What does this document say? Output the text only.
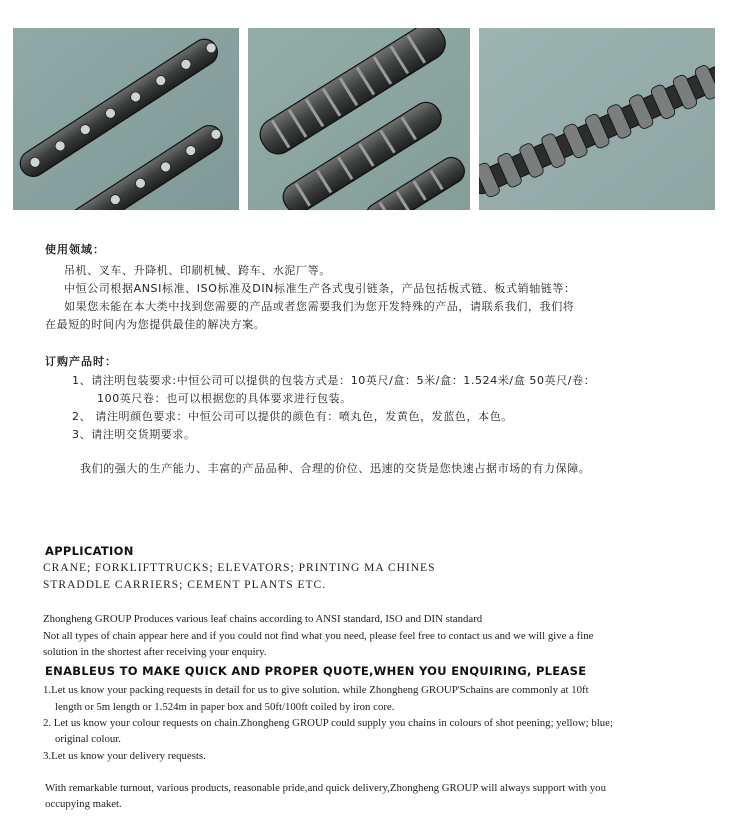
使用领域：
吊机、叉车、升降机、印刷机械、跨车、水泥厂等。
中恒公司根据ANSI标准、ISO标准及DIN标准生产各式曳引链条，产品包括板式链、板式销轴链等：
如果您未能在本大类中找到您需要的产品或者您需要我们为您开发特殊的产品，请联系我们，我们将
在最短的时间内为您提供最佳的解决方案。
订购产品时：
1、请注明包装要求:中恒公司可以提供的包装方式是：10英尺/盒：5米/盒：1.524米/盒 50英尺/卷：
100英尺卷：也可以根据您的具体要求进行包装。
2、 请注明颜色要求：中恒公司可以提供的颜色有：喷丸色，发黄色，发蓝色，本色。
3、请注明交货期要求。
我们的强大的生产能力、丰富的产品品种、合理的价位、迅速的交货是您快速占据市场的有力保障。
APPLICATION
CRANE; FORKLIFTTRUCKS; ELEVATORS; PRINTING MA CHINES
STRADDLE CARRIERS; CEMENT PLANTS ETC.
Zhongheng GROUP Produces various leaf chains according to ANSI standard, ISO and DIN standard
Not all types of chain appear here and if you could not find what you need, please feel free to contact us and we will give a fine
solution in the shortest after receiving your enquiry.
ENABLEUS TO MAKE QUICK AND PROPER QUOTE,WHEN YOU ENQUIRING, PLEASE
1.Let us know your packing requests in detail for us to give solution. while Zhongheng GROUP'Schains are commonly at 10ft
length or 5m length or 1.524m in paper box and 50ft/100ft coiled by iron core.
2. Let us know your colour requests on chain.Zhongheng GROUP could supply you chains in colours of shot peening; yellow; blue;
original colour.
3.Let us know your delivery requests.
With remarkable turnout, various products, reasonable pride,and quick delivery,Zhongheng GROUP will always support with you
occupying maket.
